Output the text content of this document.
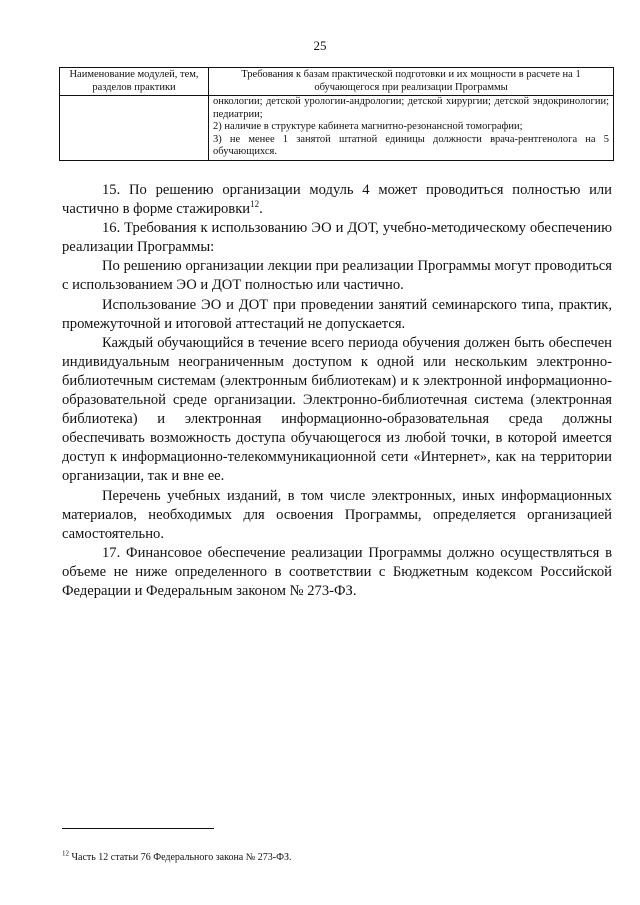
25
Наименование модулей, тем, разделов практики	Требования к базам практической подготовки и их мощности в расчете на 1 обучающегося при реализации Программы

	онкологии; детской урологии-андрологии; детской хирургии; детской эндокринологии; педиатрии;
2) наличие в структуре кабинета магнитно-резонансной томографии;
3) не менее 1 занятой штатной единицы должности врача-рентгенолога на 5 обучающихся.

15. По решению организации модуль 4 может проводиться полностью или частично в форме стажировки$^{12}$.

16. Требования к использованию ЭО и ДОТ, учебно-методическому обеспечению реализации Программы:

По решению организации лекции при реализации Программы могут проводиться с использованием ЭО и ДОТ полностью или частично.

Использование ЭО и ДОТ при проведении занятий семинарского типа, практик, промежуточной и итоговой аттестаций не допускается.

Каждый обучающийся в течение всего периода обучения должен быть обеспечен индивидуальным неограниченным доступом к одной или нескольким электронно-библиотечным системам (электронным библиотекам) и к электронной информационно-образовательной среде организации. Электронно-библиотечная система (электронная библиотека) и электронная информационно-образовательная среда должны обеспечивать возможность доступа обучающегося из любой точки, в которой имеется доступ к информационно-телекоммуникационной сети «Интернет», как на территории организации, так и вне ее.

Перечень учебных изданий, в том числе электронных, иных информационных материалов, необходимых для освоения Программы, определяется организацией самостоятельно.

17. Финансовое обеспечение реализации Программы должно осуществляться в объеме не ниже определенного в соответствии с Бюджетным кодексом Российской Федерации и Федеральным законом № 273-ФЗ.

$^{12}$ Часть 12 статьи 76 Федерального закона № 273-ФЗ.
